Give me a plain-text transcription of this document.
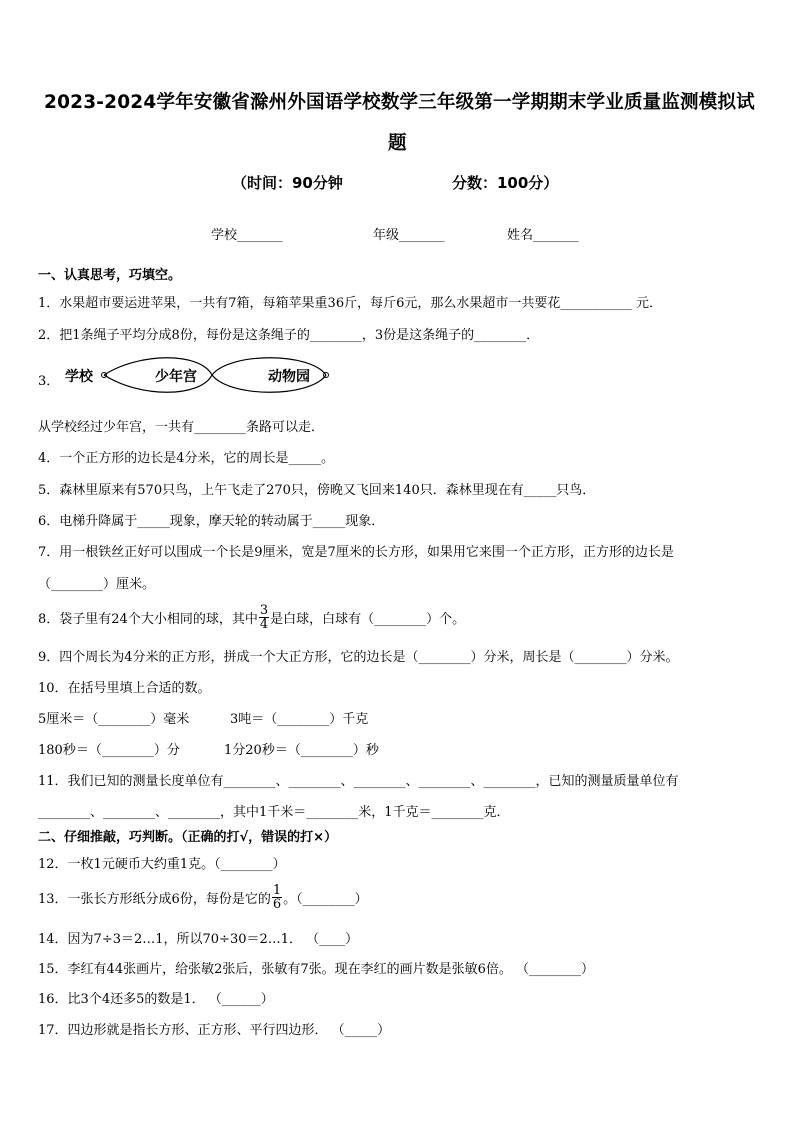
2023-2024学年安徽省滁州外国语学校数学三年级第一学期期末学业质量监测模拟试
题
（时间：90分钟	分数：100分）
学校_______	年级_______	姓名_______
一、认真思考，巧填空。
1．水果超市要运进苹果，一共有7箱，每箱苹果重36斤，每斤6元，那么水果超市一共要花___________ 元．
2．把1条绳子平均分成8份，每份是这条绳子的________，3份是这条绳子的________．
3． 学校	少年宫	动物园
从学校经过少年宫，一共有________条路可以走．
4．一个正方形的边长是4分米，它的周长是_____。
5．森林里原来有570只鸟，上午飞走了270只，傍晚又飞回来140只．森林里现在有_____只鸟．
6．电梯升降属于_____现象，摩天轮的转动属于_____现象．
7．用一根铁丝正好可以围成一个长是9厘米，宽是7厘米的长方形，如果用它来围一个正方形，正方形的边长是
（________）厘米。
8．袋子里有24个大小相同的球，其中 $\frac{3}{4}$ 是白球，白球有（________）个。
9．四个周长为4分米的正方形，拼成一个大正方形，它的边长是（________）分米，周长是（________）分米。
10．在括号里填上合适的数。
5厘米＝（________）毫米	3吨＝（________）千克
180秒＝（________）分	1分20秒＝（________）秒
11．我们已知的测量长度单位有________、________、________、________、________，已知的测量质量单位有
________、________、________，其中1千米＝________米，1千克＝________克．
二、仔细推敲，巧判断。（正确的打√，错误的打×）
12．一枚1元硬币大约重1克。（________）
13．一张长方形纸分成6份，每份是它的 $\frac{1}{6}$ 。（________）
14．因为7÷3＝2…1，所以70÷30＝2…1． （____）
15．李红有44张画片，给张敏2张后，张敏有7张。现在李红的画片数是张敏6倍。 （________）
16．比3个4还多5的数是1． （______）
17．四边形就是指长方形、正方形、平行四边形． （_____）
